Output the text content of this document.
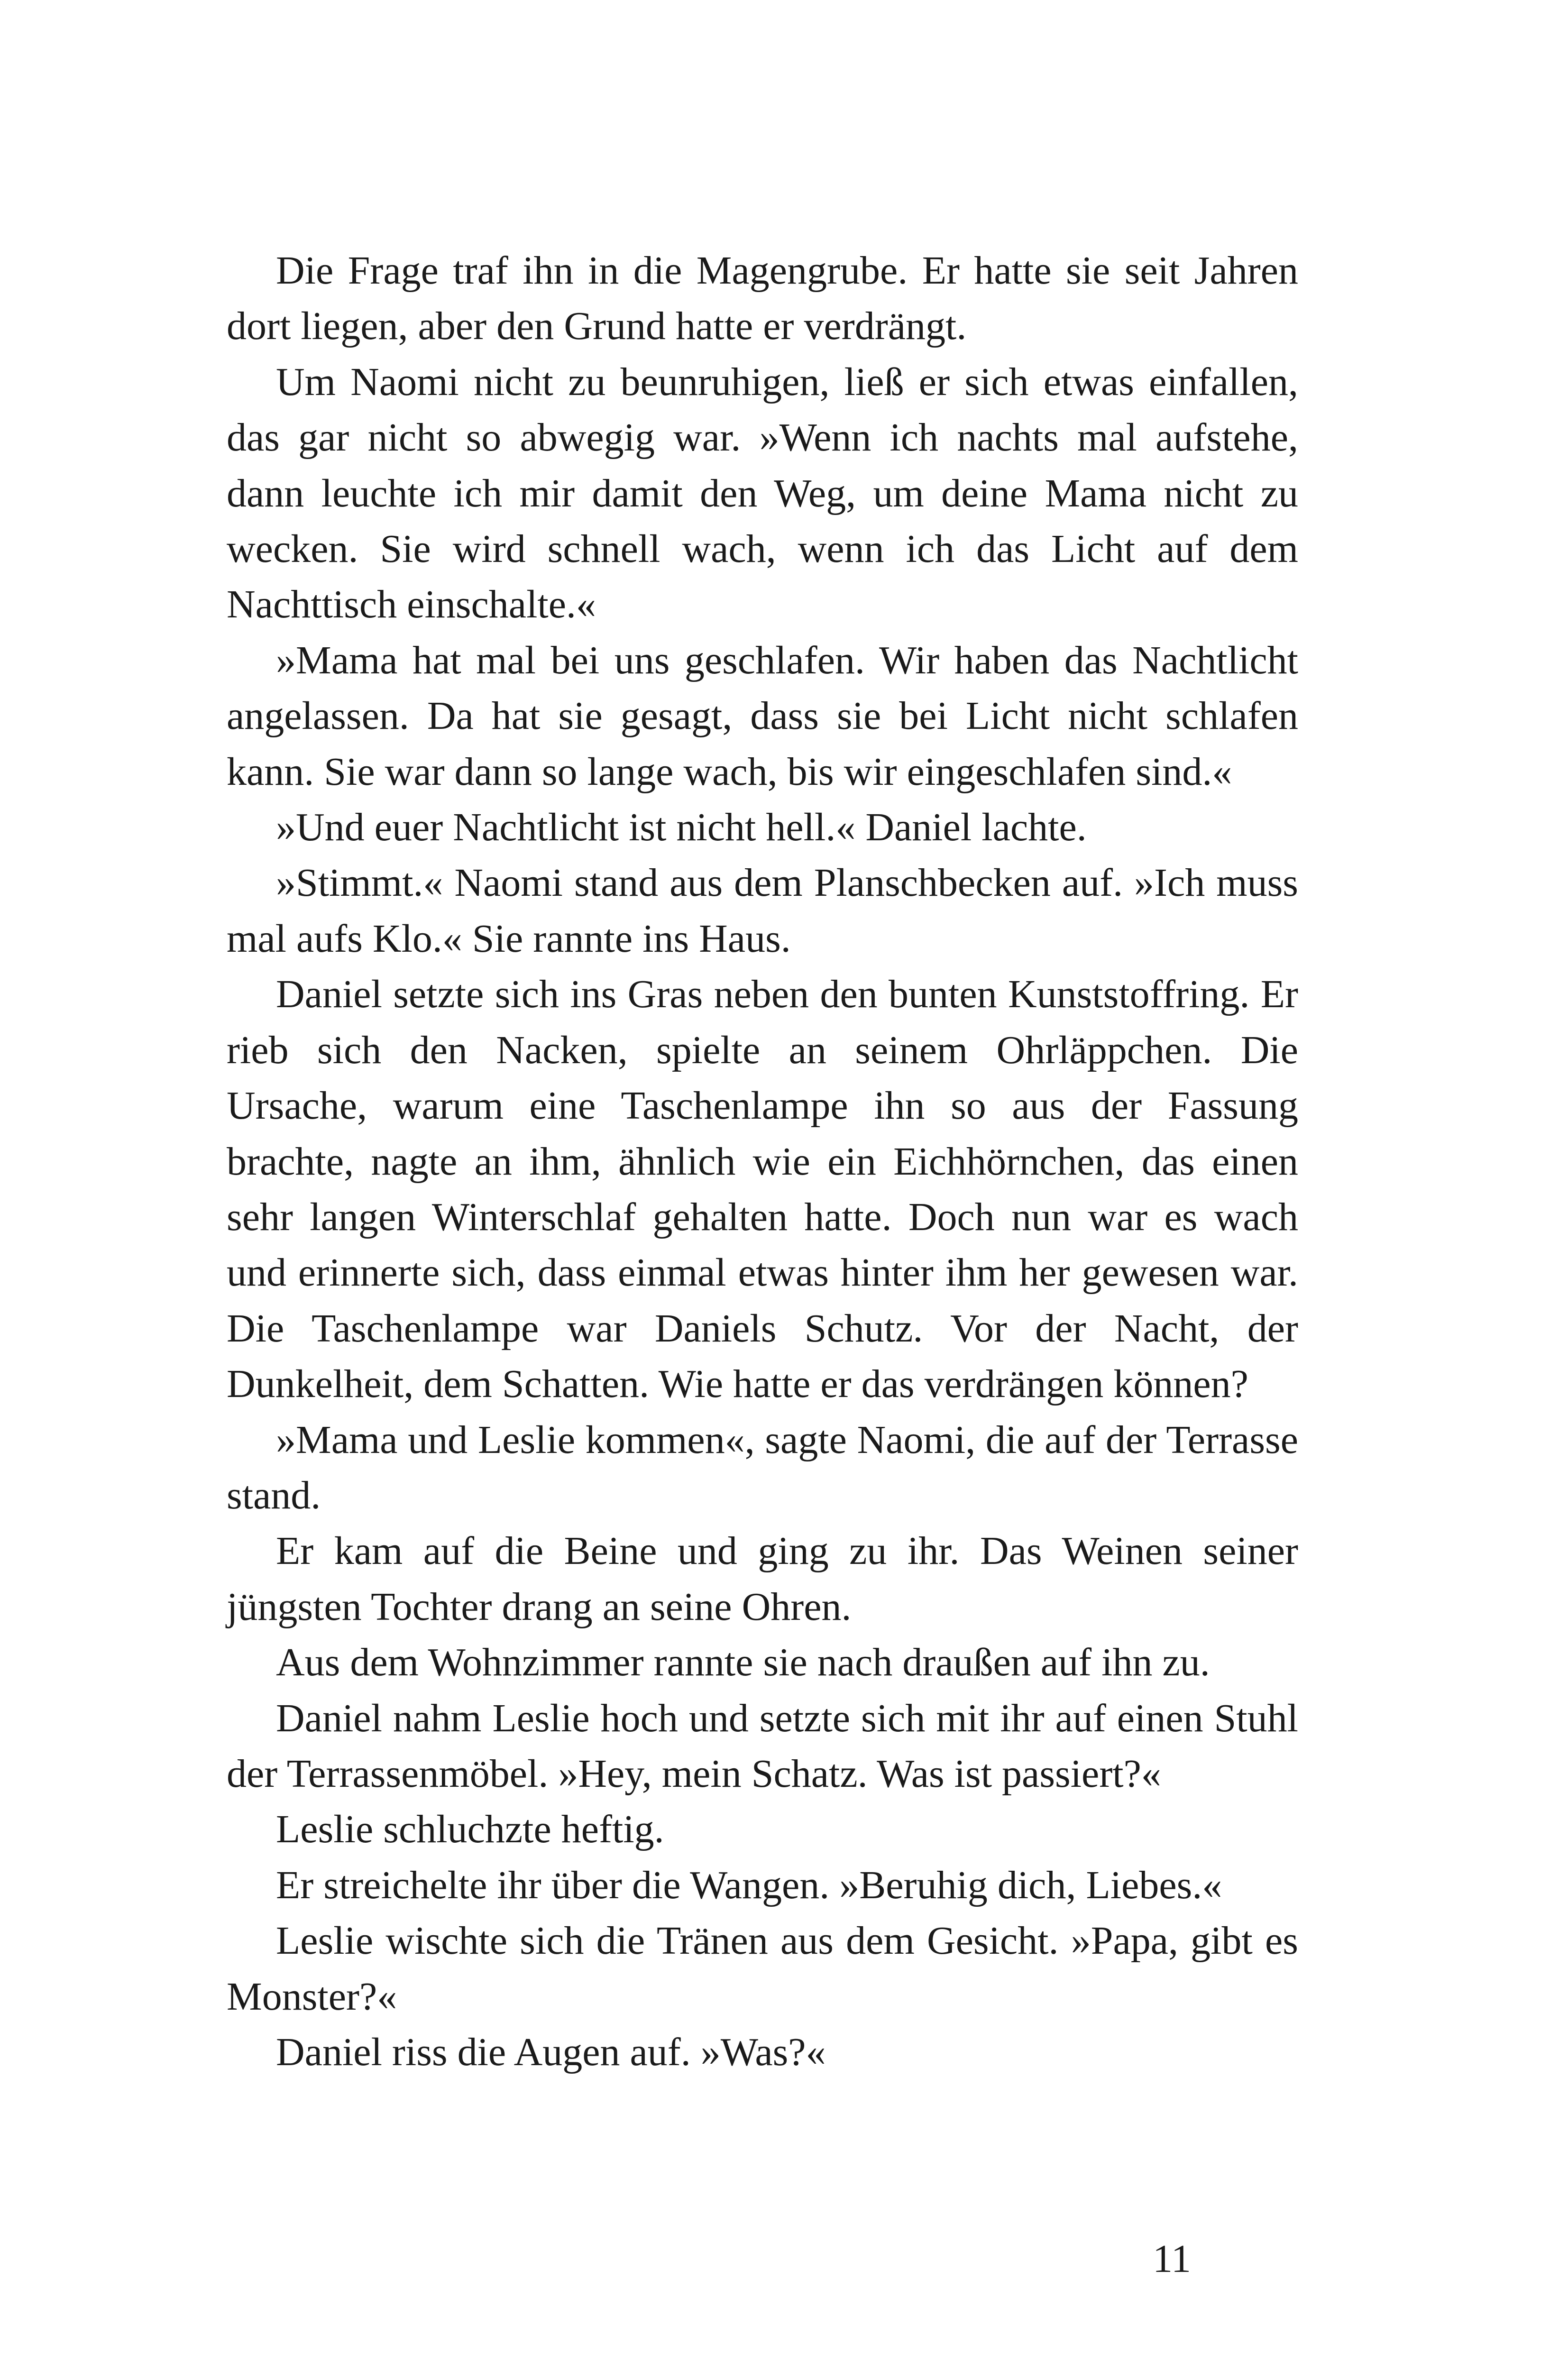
Die Frage traf ihn in die Magengrube. Er hatte sie seit Jahren dort liegen, aber den Grund hatte er verdrängt.

Um Naomi nicht zu beunruhigen, ließ er sich etwas einfallen, das gar nicht so abwegig war. »Wenn ich nachts mal aufstehe, dann leuchte ich mir damit den Weg, um deine Mama nicht zu wecken. Sie wird schnell wach, wenn ich das Licht auf dem Nachttisch einschalte.«

»Mama hat mal bei uns geschlafen. Wir haben das Nachtlicht angelassen. Da hat sie gesagt, dass sie bei Licht nicht schlafen kann. Sie war dann so lange wach, bis wir eingeschlafen sind.«

»Und euer Nachtlicht ist nicht hell.« Daniel lachte.

»Stimmt.« Naomi stand aus dem Planschbecken auf. »Ich muss mal aufs Klo.« Sie rannte ins Haus.

Daniel setzte sich ins Gras neben den bunten Kunststoffring. Er rieb sich den Nacken, spielte an seinem Ohrläppchen. Die Ursache, warum eine Taschenlampe ihn so aus der Fassung brachte, nagte an ihm, ähnlich wie ein Eichhörnchen, das einen sehr langen Winterschlaf gehalten hatte. Doch nun war es wach und erinnerte sich, dass einmal etwas hinter ihm her gewesen war. Die Taschenlampe war Daniels Schutz. Vor der Nacht, der Dunkelheit, dem Schatten. Wie hatte er das verdrängen können?

»Mama und Leslie kommen«, sagte Naomi, die auf der Terrasse stand.

Er kam auf die Beine und ging zu ihr. Das Weinen seiner jüngsten Tochter drang an seine Ohren.

Aus dem Wohnzimmer rannte sie nach draußen auf ihn zu.

Daniel nahm Leslie hoch und setzte sich mit ihr auf einen Stuhl der Terrassenmöbel. »Hey, mein Schatz. Was ist passiert?«

Leslie schluchzte heftig.

Er streichelte ihr über die Wangen. »Beruhig dich, Liebes.«

Leslie wischte sich die Tränen aus dem Gesicht. »Papa, gibt es Monster?«

Daniel riss die Augen auf. »Was?«

11
